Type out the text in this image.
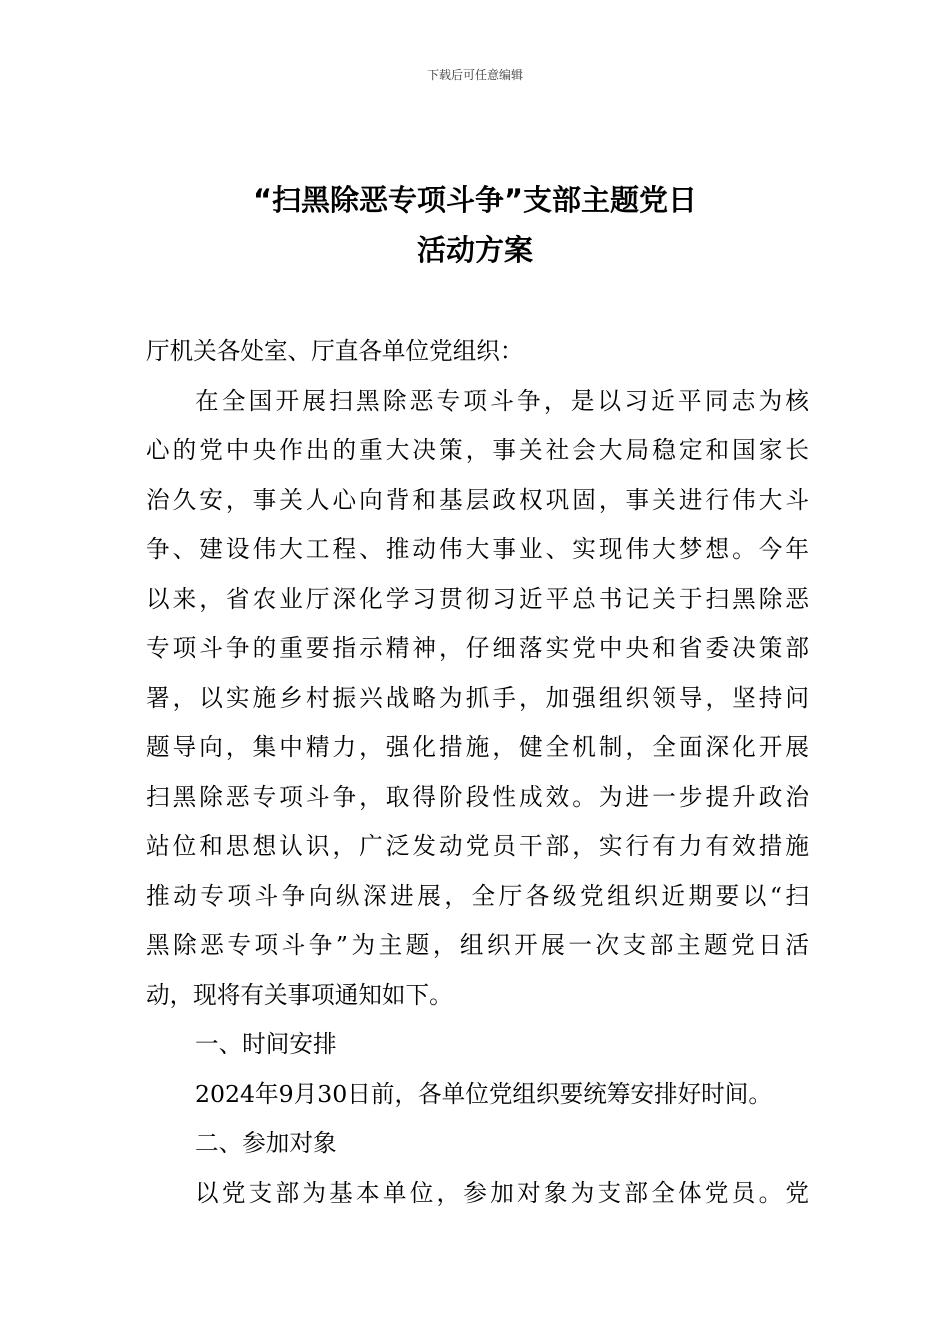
下载后可任意编辑
“扫黑除恶专项斗争”支部主题党日
活动方案
厅机关各处室、厅直各单位党组织：
在全国开展扫黑除恶专项斗争，是以习近平同志为核
心的党中央作出的重大决策，事关社会大局稳定和国家长
治久安，事关人心向背和基层政权巩固，事关进行伟大斗
争、建设伟大工程、推动伟大事业、实现伟大梦想。今年
以来，省农业厅深化学习贯彻习近平总书记关于扫黑除恶
专项斗争的重要指示精神，仔细落实党中央和省委决策部
署，以实施乡村振兴战略为抓手，加强组织领导，坚持问
题导向，集中精力，强化措施，健全机制，全面深化开展
扫黑除恶专项斗争，取得阶段性成效。为进一步提升政治
站位和思想认识，广泛发动党员干部，实行有力有效措施
推动专项斗争向纵深进展，全厅各级党组织近期要以“扫
黑除恶专项斗争”为主题，组织开展一次支部主题党日活
动，现将有关事项通知如下。
一、时间安排
2024年9月30日前，各单位党组织要统筹安排好时间。
二、参加对象
以党支部为基本单位，参加对象为支部全体党员。党
